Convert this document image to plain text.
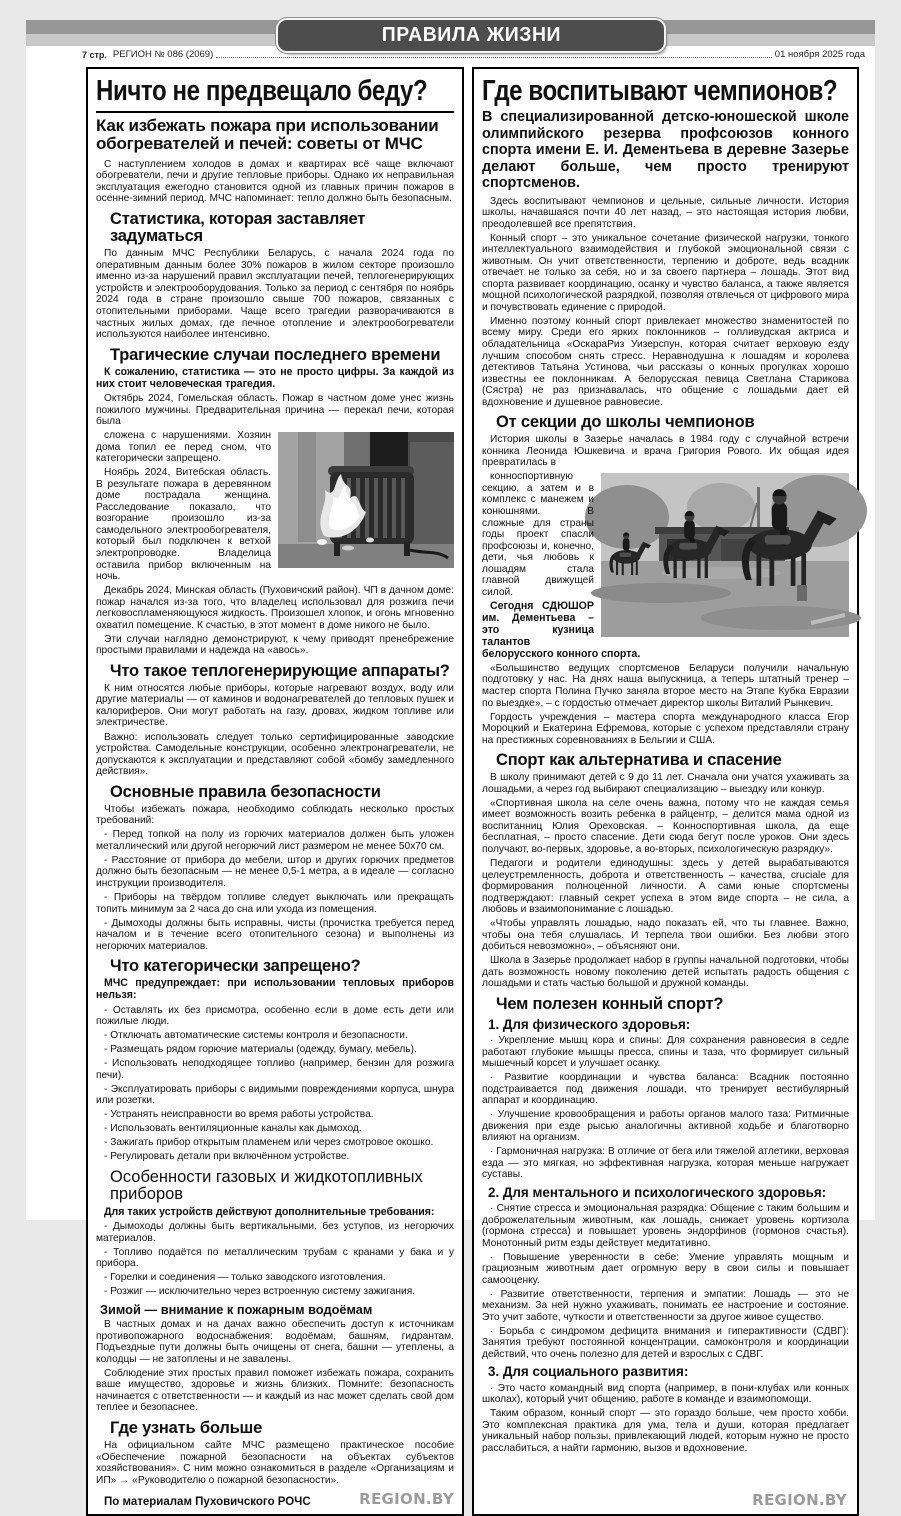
ПРАВИЛА ЖИЗНИ
7 стр. РЕГИОН № 086 (2069)	01 ноября 2025 года
Ничто не предвещало беду?
Как избежать пожара при использовании обогревателей и печей: советы от МЧС

С наступлением холодов в домах и квартирах всё чаще включают обогреватели, печи и другие тепловые приборы. Однако их неправильная эксплуатация ежегодно становится одной из главных причин пожаров в осенне-зимний период. МЧС напоминает: тепло должно быть безопасным.

Статистика, которая заставляет задуматься

По данным МЧС Республики Беларусь, с начала 2024 года по оперативным данным более 30% пожаров в жилом секторе произошло именно из-за нарушений правил эксплуатации печей, теплогенерирующих устройств и электрооборудования. Только за период с сентября по ноябрь 2024 года в стране произошло свыше 700 пожаров, связанных с отопительными приборами. Чаще всего трагедии разворачиваются в частных жилых домах, где печное отопление и электрообогреватели используются наиболее интенсивно.

Трагические случаи последнего времени

К сожалению, статистика — это не просто цифры. За каждой из них стоит человеческая трагедия.

Октябрь 2024, Гомельская область. Пожар в частном доме унес жизнь пожилого мужчины. Предварительная причина — перекал печи, которая была

сложена с нарушениями. Хозяин дома топил ее перед сном, что категорически запрещено.

Ноябрь 2024, Витебская область. В результате пожара в деревянном доме пострадала женщина. Расследование показало, что возгорание произошло из-за самодельного электрообогревателя, который был подключен к ветхой электропроводке. Владелица оставила прибор включенным на ночь.

Декабрь 2024, Минская область (Пуховичский район). ЧП в дачном доме: пожар начался из-за того, что владелец использовал для розжига печи легковоспламеняющуюся жидкость. Произошел хлопок, и огонь мгновенно охватил помещение. К счастью, в этот момент в доме никого не было.

Эти случаи наглядно демонстрируют, к чему приводят пренебрежение простыми правилами и надежда на «авось».

Что такое теплогенерирующие аппараты?

К ним относятся любые приборы, которые нагревают воздух, воду или другие материалы — от каминов и водонагревателей до тепловых пушек и калориферов. Они могут работать на газу, дровах, жидком топливе или электричестве.

Важно: использовать следует только сертифицированные заводские устройства. Самодельные конструкции, особенно электронагреватели, не допускаются к эксплуатации и представляют собой «бомбу замедленного действия».

Основные правила безопасности

Чтобы избежать пожара, необходимо соблюдать несколько простых требований:

- Перед топкой на полу из горючих материалов должен быть уложен металлический или другой негорючий лист размером не менее 50х70 см.

- Расстояние от прибора до мебели, штор и других горючих предметов должно быть безопасным — не менее 0,5-1 метра, а в идеале — согласно инструкции производителя.

- Приборы на твёрдом топливе следует выключать или прекращать топить минимум за 2 часа до сна или ухода из помещения.

- Дымоходы должны быть исправны, чисты (прочистка требуется перед началом и в течение всего отопительного сезона) и выполнены из негорючих материалов.

Что категорически запрещено?

МЧС предупреждает: при использовании тепловых приборов нельзя:

- Оставлять их без присмотра, особенно если в доме есть дети или пожилые люди.

- Отключать автоматические системы контроля и безопасности.

- Размещать рядом горючие материалы (одежду, бумагу, мебель).

- Использовать неподходящее топливо (например, бензин для розжига печи).

- Эксплуатировать приборы с видимыми повреждениями корпуса, шнура или розетки.

- Устранять неисправности во время работы устройства.

- Использовать вентиляционные каналы как дымоход.

- Зажигать прибор открытым пламенем или через смотровое окошко.

- Регулировать детали при включённом устройстве.

Особенности газовых и жидкотопливных приборов

Для таких устройств действуют дополнительные требования:

- Дымоходы должны быть вертикальными, без уступов, из негорючих материалов.

- Топливо подаётся по металлическим трубам с кранами у бака и у прибора.

- Горелки и соединения — только заводского изготовления.

- Розжиг — исключительно через встроенную систему зажигания.

Зимой — внимание к пожарным водоёмам

В частных домах и на дачах важно обеспечить доступ к источникам противопожарного водоснабжения: водоёмам, башням, гидрантам. Подъездные пути должны быть очищены от снега, башни — утеплены, а колодцы — не затоплены и не завалены.

Соблюдение этих простых правил поможет избежать пожара, сохранить ваше имущество, здоровье и жизнь близких. Помните: безопасность начинается с ответственности — и каждый из нас может сделать свой дом теплее и безопаснее.

Где узнать больше

На официальном сайте МЧС размещено практическое пособие «Обеспечение пожарной безопасности на объектах субъектов хозяйствования». С ним можно ознакомиться в разделе «Организациям и ИП» → «Руководителю о пожарной безопасности».

По материалам Пуховичского РОЧС	REGION.BY
Где воспитывают чемпионов?

В специализированной детско-юношеской школе олимпийского резерва профсоюзов конного спорта имени Е. И. Дементьева в деревне Зазерье делают больше, чем просто тренируют спортсменов.

Здесь воспитывают чемпионов и цельные, сильные личности. История школы, начавшаяся почти 40 лет назад, – это настоящая история любви, преодолевшей все препятствия.

Конный спорт – это уникальное сочетание физической нагрузки, тонкого интеллектуального взаимодействия и глубокой эмоциональной связи с животным. Он учит ответственности, терпению и доброте, ведь всадник отвечает не только за себя, но и за своего партнера – лошадь. Этот вид спорта развивает координацию, осанку и чувство баланса, а также является мощной психологической разрядкой, позволяя отвлечься от цифрового мира и почувствовать единение с природой.

Именно поэтому конный спорт привлекает множество знаменитостей по всему миру. Среди его ярких поклонников – голливудская актриса и обладательница «ОскараРиз Уизерспун, которая считает верховую езду лучшим способом снять стресс. Неравнодушна к лошадям и королева детективов Татьяна Устинова, чьи рассказы о конных прогулках хорошо известны ее поклонникам. А белорусская певица Светлана Старикова (Сястра) не раз признавалась, что общение с лошадьми дает ей вдохновение и душевное равновесие.

От секции до школы чемпионов

История школы в Зазерье началась в 1984 году с случайной встречи конника Леонида Юшкевича и врача Григория Рового. Их общая идея превратилась в

конноспортивную секцию, а затем и в комплекс с манежем и конюшнями. В сложные для страны годы проект спасли профсоюзы и, конечно, дети, чья любовь к лошадям стала главной движущей силой.

Сегодня СДЮШОР им. Дементьева – это кузница талантов белорусского конного спорта.

«Большинство ведущих спортсменов Беларуси получили начальную подготовку у нас. На днях наша выпускница, а теперь штатный тренер – мастер спорта Полина Пучко заняла второе место на Этапе Кубка Евразии по выездке», – с гордостью отмечает директор школы Виталий Рынкевич.

Гордость учреждения – мастера спорта международного класса Егор Мороцкий и Екатерина Ефремова, которые с успехом представляли страну на престижных соревнованиях в Бельгии и США.

Спорт как альтернатива и спасение

В школу принимают детей с 9 до 11 лет. Сначала они учатся ухаживать за лошадьми, а через год выбирают специализацию – выездку или конкур.

«Спортивная школа на селе очень важна, потому что не каждая семья имеет возможность возить ребенка в райцентр, – делится мама одной из воспитанниц Юлия Ореховская. – Конноспортивная школа, да еще бесплатная, – просто спасение. Дети сюда бегут после уроков. Они здесь получают, во-первых, здоровье, а во-вторых, психологическую разрядку».

Педагоги и родители единодушны: здесь у детей вырабатываются целеустремленность, доброта и ответственность – качества, cruciale для формирования полноценной личности. А сами юные спортсмены подтверждают: главный секрет успеха в этом виде спорта – не сила, а любовь и взаимопонимание с лошадью.

«Чтобы управлять лошадью, надо показать ей, что ты главнее. Важно, чтобы она тебя слушалась. И терпела твои ошибки. Без любви этого добиться невозможно», – объясняют они.

Школа в Зазерье продолжает набор в группы начальной подготовки, чтобы дать возможность новому поколению детей испытать радость общения с лошадьми и стать частью большой и дружной команды.

Чем полезен конный спорт?
1. Для физического здоровья:

· Укрепление мышц кора и спины: Для сохранения равновесия в седле работают глубокие мышцы пресса, спины и таза, что формирует сильный мышечный корсет и улучшает осанку.

· Развитие координации и чувства баланса: Всадник постоянно подстраивается под движения лошади, что тренирует вестибулярный аппарат и координацию.

· Улучшение кровообращения и работы органов малого таза: Ритмичные движения при езде рысью аналогичны активной ходьбе и благотворно влияют на организм.

· Гармоничная нагрузка: В отличие от бега или тяжелой атлетики, верховая езда — это мягкая, но эффективная нагрузка, которая меньше нагружает суставы.

2. Для ментального и психологического здоровья:

· Снятие стресса и эмоциональная разрядка: Общение с таким большим и доброжелательным животным, как лошадь, снижает уровень кортизола (гормона стресса) и повышает уровень эндорфинов (гормонов счастья). Монотонный ритм езды действует медитативно.

· Повышение уверенности в себе: Умение управлять мощным и грациозным животным дает огромную веру в свои силы и повышает самооценку.

· Развитие ответственности, терпения и эмпатии: Лошадь — это не механизм. За ней нужно ухаживать, понимать ее настроение и состояние. Это учит заботе, чуткости и ответственности за другое живое существо.

· Борьба с синдромом дефицита внимания и гиперактивности (СДВГ): Занятия требуют постоянной концентрации, самоконтроля и координации действий, что очень полезно для детей и взрослых с СДВГ.

3. Для социального развития:

· Это часто командный вид спорта (например, в пони-клубах или конных школах), который учит общению, работе в команде и взаимопомощи.

Таким образом, конный спорт — это гораздо больше, чем просто хобби. Это комплексная практика для ума, тела и души, которая предлагает уникальный набор пользы, привлекающий людей, которым нужно не просто расслабиться, а найти гармонию, вызов и вдохновение.

REGION.BY
